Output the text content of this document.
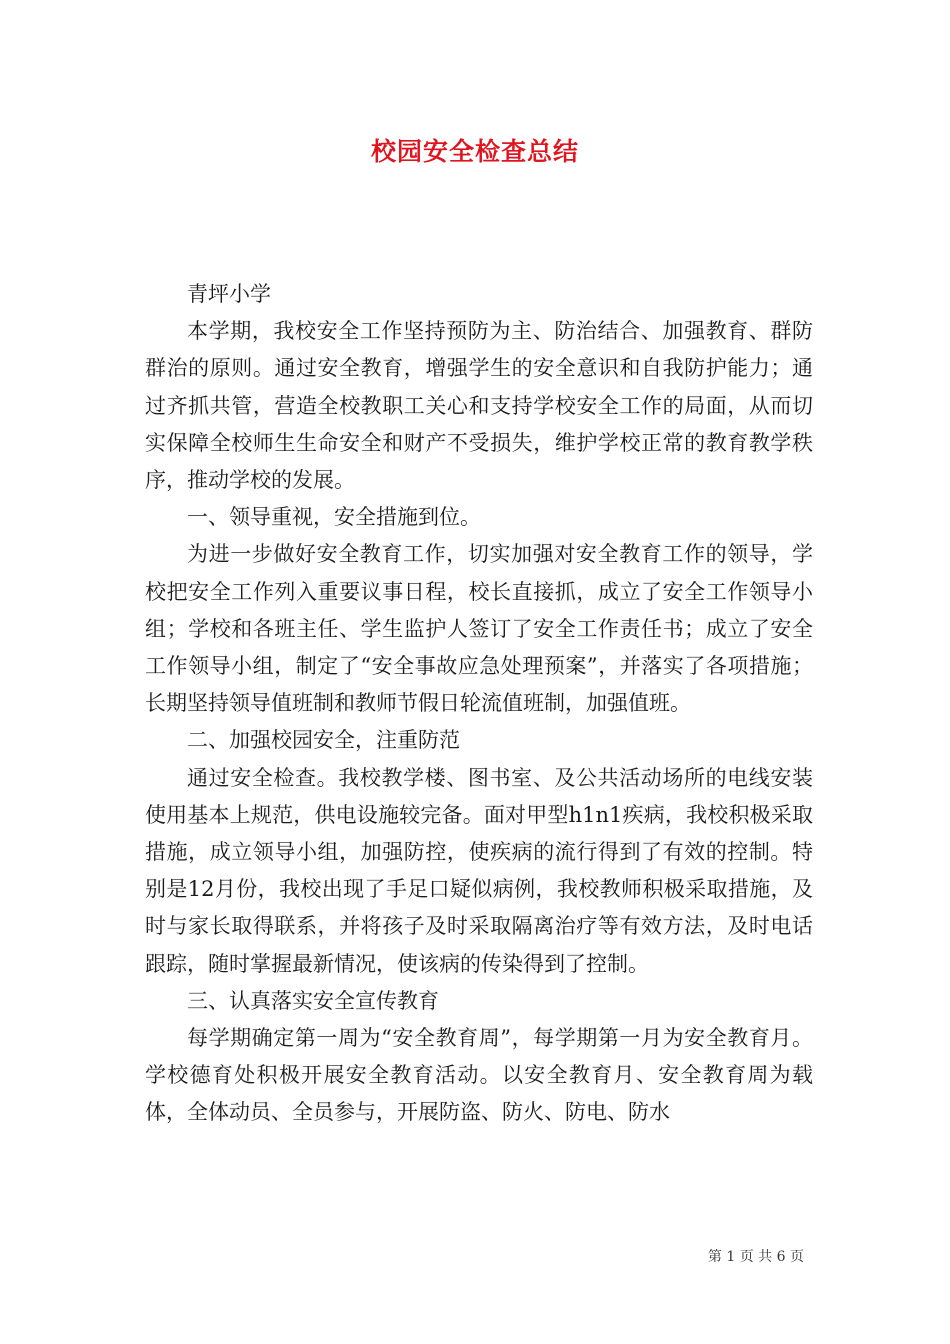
校园安全检查总结

青坪小学

本学期，我校安全工作坚持预防为主、防治结合、加强教育、群防群治的原则。通过安全教育，增强学生的安全意识和自我防护能力；通过齐抓共管，营造全校教职工关心和支持学校安全工作的局面，从而切实保障全校师生生命安全和财产不受损失，维护学校正常的教育教学秩序，推动学校的发展。

一、领导重视，安全措施到位。

为进一步做好安全教育工作，切实加强对安全教育工作的领导，学校把安全工作列入重要议事日程，校长直接抓，成立了安全工作领导小组；学校和各班主任、学生监护人签订了安全工作责任书；成立了安全工作领导小组，制定了“安全事故应急处理预案”，并落实了各项措施；长期坚持领导值班制和教师节假日轮流值班制，加强值班。

二、加强校园安全，注重防范

通过安全检查。我校教学楼、图书室、及公共活动场所的电线安装使用基本上规范，供电设施较完备。面对甲型h1n1疾病，我校积极采取措施，成立领导小组，加强防控，使疾病的流行得到了有效的控制。特别是12月份，我校出现了手足口疑似病例，我校教师积极采取措施，及时与家长取得联系，并将孩子及时采取隔离治疗等有效方法，及时电话跟踪，随时掌握最新情况，使该病的传染得到了控制。

三、认真落实安全宣传教育

每学期确定第一周为“安全教育周”，每学期第一月为安全教育月。学校德育处积极开展安全教育活动。以安全教育月、安全教育周为载体，全体动员、全员参与，开展防盗、防火、防电、防水

第 1 页 共 6 页
